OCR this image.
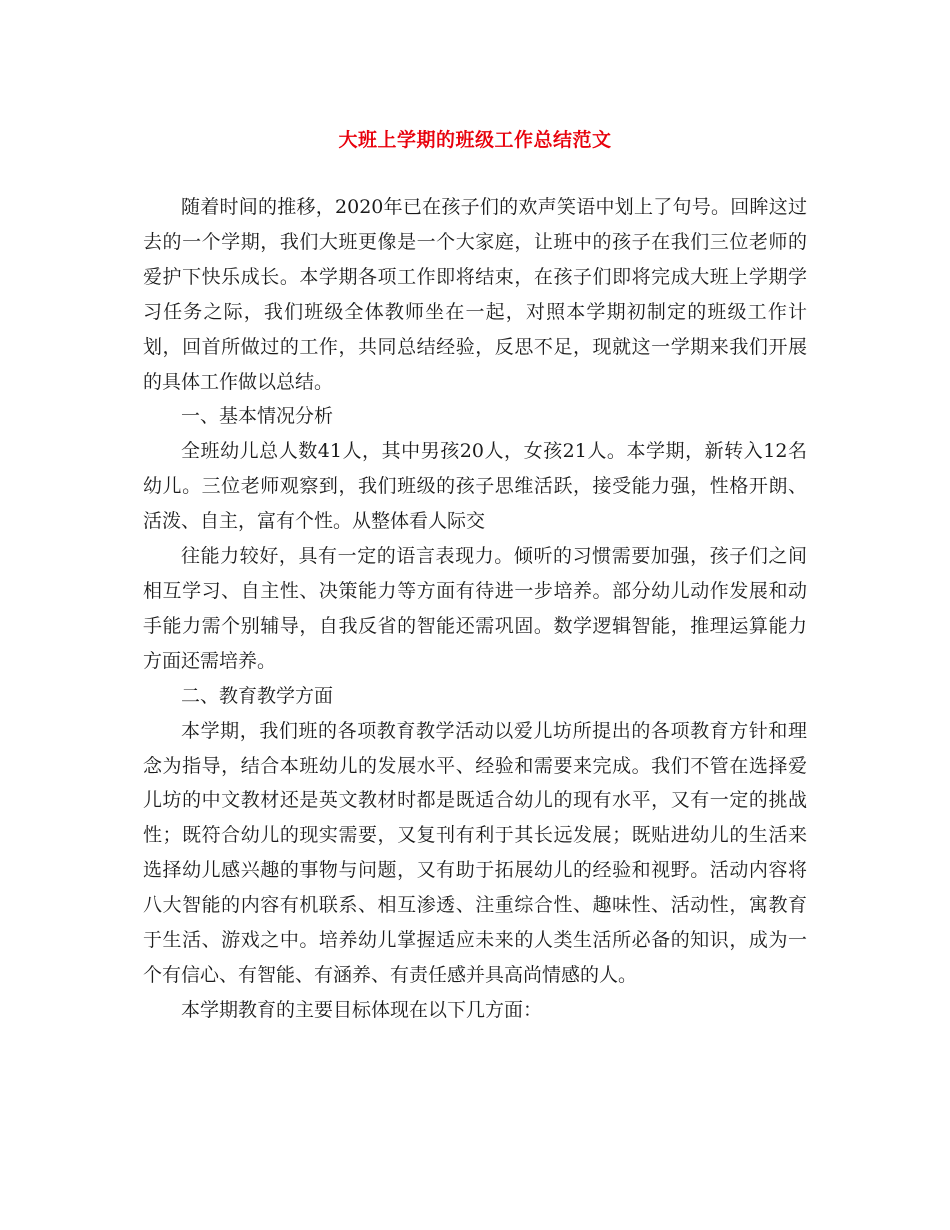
大班上学期的班级工作总结范文

随着时间的推移，2020年已在孩子们的欢声笑语中划上了句号。回眸这过去的一个学期，我们大班更像是一个大家庭，让班中的孩子在我们三位老师的爱护下快乐成长。本学期各项工作即将结束，在孩子们即将完成大班上学期学习任务之际，我们班级全体教师坐在一起，对照本学期初制定的班级工作计划，回首所做过的工作，共同总结经验，反思不足，现就这一学期来我们开展的具体工作做以总结。

一、基本情况分析

全班幼儿总人数41人，其中男孩20人，女孩21人。本学期，新转入12名幼儿。三位老师观察到，我们班级的孩子思维活跃，接受能力强，性格开朗、活泼、自主，富有个性。从整体看人际交

往能力较好，具有一定的语言表现力。倾听的习惯需要加强，孩子们之间相互学习、自主性、决策能力等方面有待进一步培养。部分幼儿动作发展和动手能力需个别辅导，自我反省的智能还需巩固。数学逻辑智能，推理运算能力方面还需培养。

二、教育教学方面

本学期，我们班的各项教育教学活动以爱儿坊所提出的各项教育方针和理念为指导，结合本班幼儿的发展水平、经验和需要来完成。我们不管在选择爱儿坊的中文教材还是英文教材时都是既适合幼儿的现有水平，又有一定的挑战性；既符合幼儿的现实需要，又复刊有利于其长远发展；既贴进幼儿的生活来选择幼儿感兴趣的事物与问题，又有助于拓展幼儿的经验和视野。活动内容将八大智能的内容有机联系、相互渗透、注重综合性、趣味性、活动性，寓教育于生活、游戏之中。培养幼儿掌握适应未来的人类生活所必备的知识，成为一个有信心、有智能、有涵养、有责任感并具高尚情感的人。

本学期教育的主要目标体现在以下几方面：
